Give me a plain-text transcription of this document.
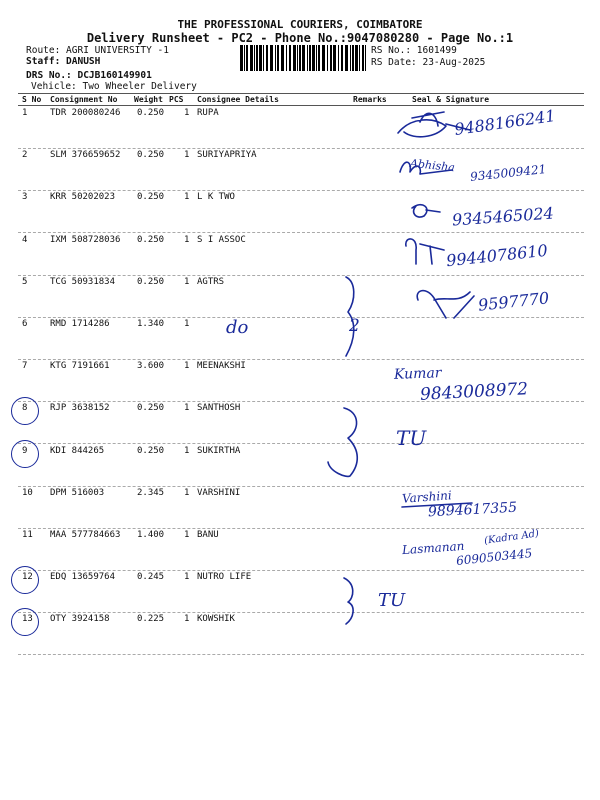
THE PROFESSIONAL COURIERS, COIMBATORE
Delivery Runsheet - PC2 - Phone No.:9047080280 - Page No.:1
Route: AGRI UNIVERSITY -1
Staff: DANUSH
DRS No.: DCJB160149901
Vehicle: Two Wheeler Delivery
RS No.: 1601499
RS Date: 23-Aug-2025
S No Consignment No Weight PCS Consignee Details	Remarks	Seal & Signature
1	TDR 200080246 0.250 1 RUPA
2	SLM 376659652 0.250 1 SURIYAPRIYA
3	KRR 50202023 0.250 1 L K TWO
4	IXM 508728036 0.250 1 S I ASSOC
5	TCG 50931834 0.250 1 AGTRS
6	RMD 1714286	1.340 1
7	KTG 7191661	3.600 1 MEENAKSHI
8	RJP 3638152	0.250 1 SANTHOSH
9	KDI 844265	0.250 1 SUKIRTHA
10 DPM 516003	2.345 1 VARSHINI
11 MAA 577784663 1.400 1 BANU
12 EDQ 13659764 0.245 1 NUTRO LIFE
13 OTY 3924158	0.225 1 KOWSHIK
9488166241
Abhisha 9345009421
9345465024
9944078610
9597770
2
do
Kumar
9843008972
TU
Varshini
9894617355
Lasmanan
(Kadra Ad)
6090503445
TU
